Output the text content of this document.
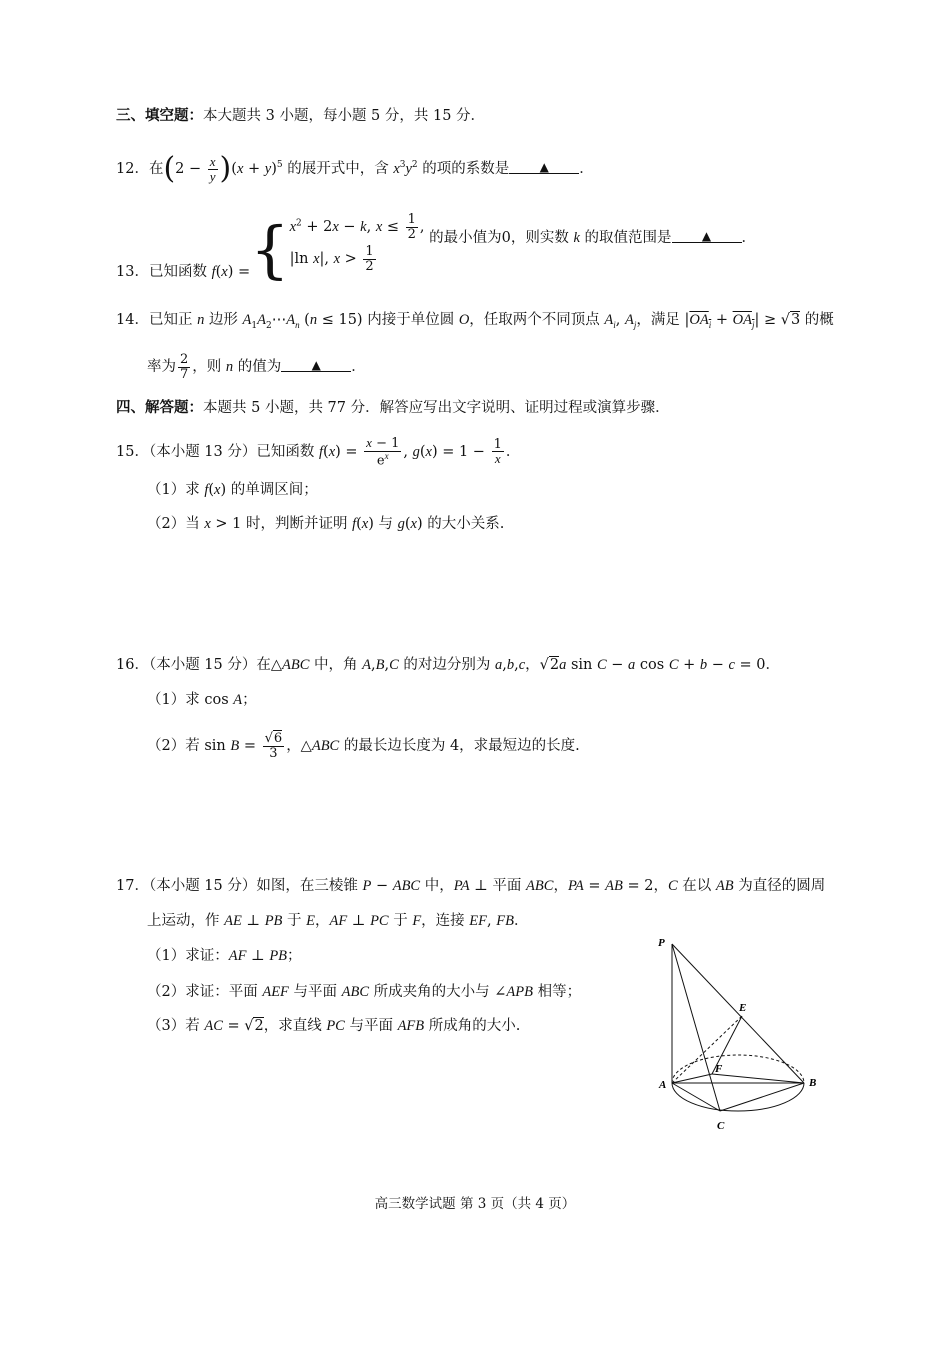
三、填空题：本大题共 3 小题，每小题 5 分，共 15 分．
12．在$(2 - \frac{x}{y} )(x + y)^5$ 的展开式中，含 $x^3y^2$ 的项的系数是	▲ ．
13．已知函数 f(x) ={ $x^2 + 2x - k$, $x \le \frac{1}{2}$ ,
|ln x|, $x > \frac{1}{2}$
的最小值为0，则实数 k 的取值范围是	▲ ．
14．已知正 n 边形 $A_1A_2\cdots A_n$ (n ≤ 15) 内接于单位圆 O，任取两个不同顶点 $A_i$, $A_j$，满足 $|OA_i + OA_j| \ge √3$ 的概
率为 $\frac{2}{7}$ ，则 n 的值为	▲ ．
四、解答题：本题共 5 小题，共 77 分．解答应写出文字说明、证明过程或演算步骤．
15．（本小题 13 分）已知函数 $f(x) = \frac{x - 1}{e^x}$ , $g(x) = 1 - \frac{1}{x}$ ．
（1）求 f(x) 的单调区间；
（2）当 x > 1 时，判断并证明 f(x) 与 g(x) 的大小关系.
16．（本小题 15 分）在△ABC 中，角 A,B,C 的对边分别为 a,b,c，√2a sin C − a cos C + b − c = 0．
（1）求 cos A；
（2）若 $\sin B = \frac{√6}{3}$ ，△ABC 的最长边长度为 4，求最短边的长度.
17．（本小题 15 分）如图，在三棱锥 P − ABC 中，PA ⊥ 平面 ABC，PA = AB = 2，C 在以 AB 为直径的圆周
上运动，作 AE ⊥ PB 于 E，AF ⊥ PC 于 F，连接 EF, FB．
（1）求证：AF ⊥ PB；
（2）求证：平面 AEF 与平面 ABC 所成夹角的大小与 ∠APB 相等；
（3）若 AC = √2，求直线 PC 与平面 AFB 所成角的大小.
P
E
F
A	B
C
高三数学试题 第 3 页（共 4 页）
